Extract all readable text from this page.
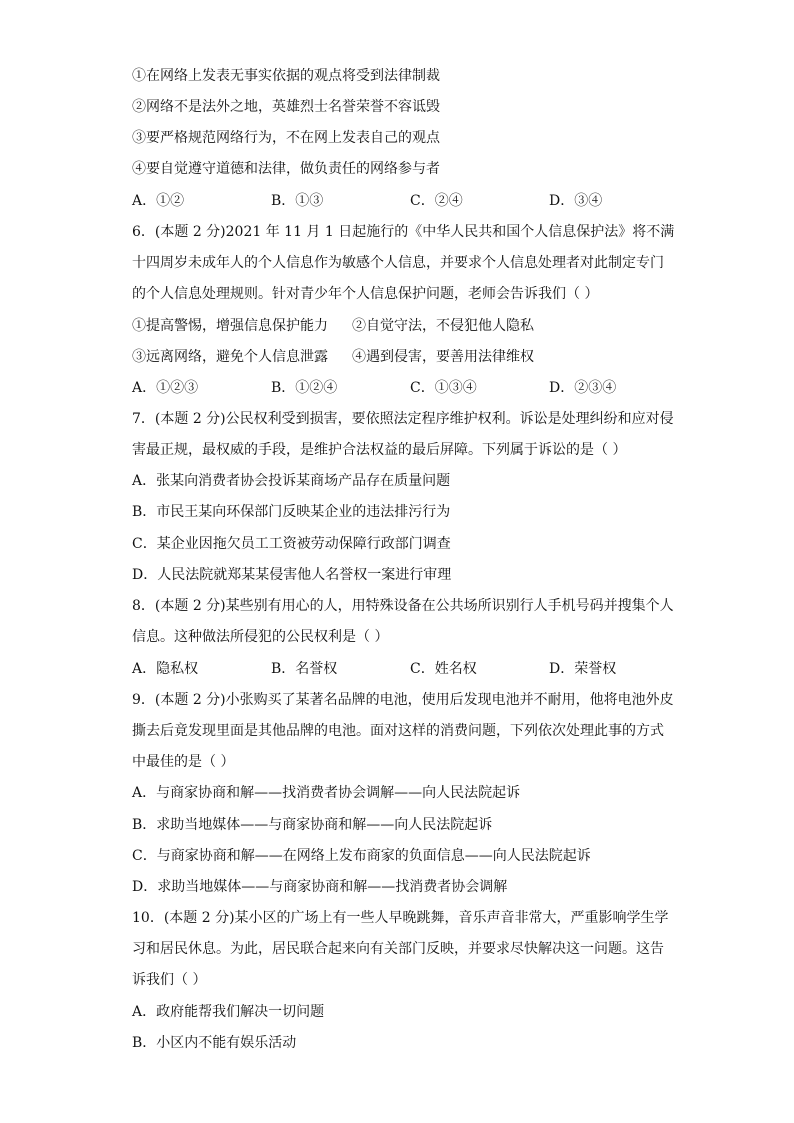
①在网络上发表无事实依据的观点将受到法律制裁
②网络不是法外之地，英雄烈士名誉荣誉不容诋毁
③要严格规范网络行为，不在网上发表自己的观点
④要自觉遵守道德和法律，做负责任的网络参与者
A．①②	B．①③	C．②④	D．③④
6．(本题 2 分)2021 年 11 月 1 日起施行的《中华人民共和国个人信息保护法》将不满
十四周岁未成年人的个人信息作为敏感个人信息，并要求个人信息处理者对此制定专门
的个人信息处理规则。针对青少年个人信息保护问题，老师会告诉我们（ ）
①提高警惕，增强信息保护能力 ②自觉守法，不侵犯他人隐私
③远离网络，避免个人信息泄露 ④遇到侵害，要善用法律维权
A．①②③	B．①②④	C．①③④	D．②③④
7．(本题 2 分)公民权利受到损害，要依照法定程序维护权利。诉讼是处理纠纷和应对侵
害最正规，最权威的手段，是维护合法权益的最后屏障。下列属于诉讼的是（ ）
A．张某向消费者协会投诉某商场产品存在质量问题
B．市民王某向环保部门反映某企业的违法排污行为
C．某企业因拖欠员工工资被劳动保障行政部门调查
D．人民法院就郑某某侵害他人名誉权一案进行审理
8．(本题 2 分)某些别有用心的人，用特殊设备在公共场所识别行人手机号码并搜集个人
信息。这种做法所侵犯的公民权利是（ ）
A．隐私权	B．名誉权	C．姓名权	D．荣誉权
9．(本题 2 分)小张购买了某著名品牌的电池，使用后发现电池并不耐用，他将电池外皮
撕去后竟发现里面是其他品牌的电池。面对这样的消费问题，下列依次处理此事的方式
中最佳的是（ ）
A．与商家协商和解——找消费者协会调解——向人民法院起诉
B．求助当地媒体——与商家协商和解——向人民法院起诉
C．与商家协商和解——在网络上发布商家的负面信息——向人民法院起诉
D．求助当地媒体——与商家协商和解——找消费者协会调解
10．(本题 2 分)某小区的广场上有一些人早晚跳舞，音乐声音非常大，严重影响学生学
习和居民休息。为此，居民联合起来向有关部门反映，并要求尽快解决这一问题。这告
诉我们（ ）
A．政府能帮我们解决一切问题
B．小区内不能有娱乐活动
